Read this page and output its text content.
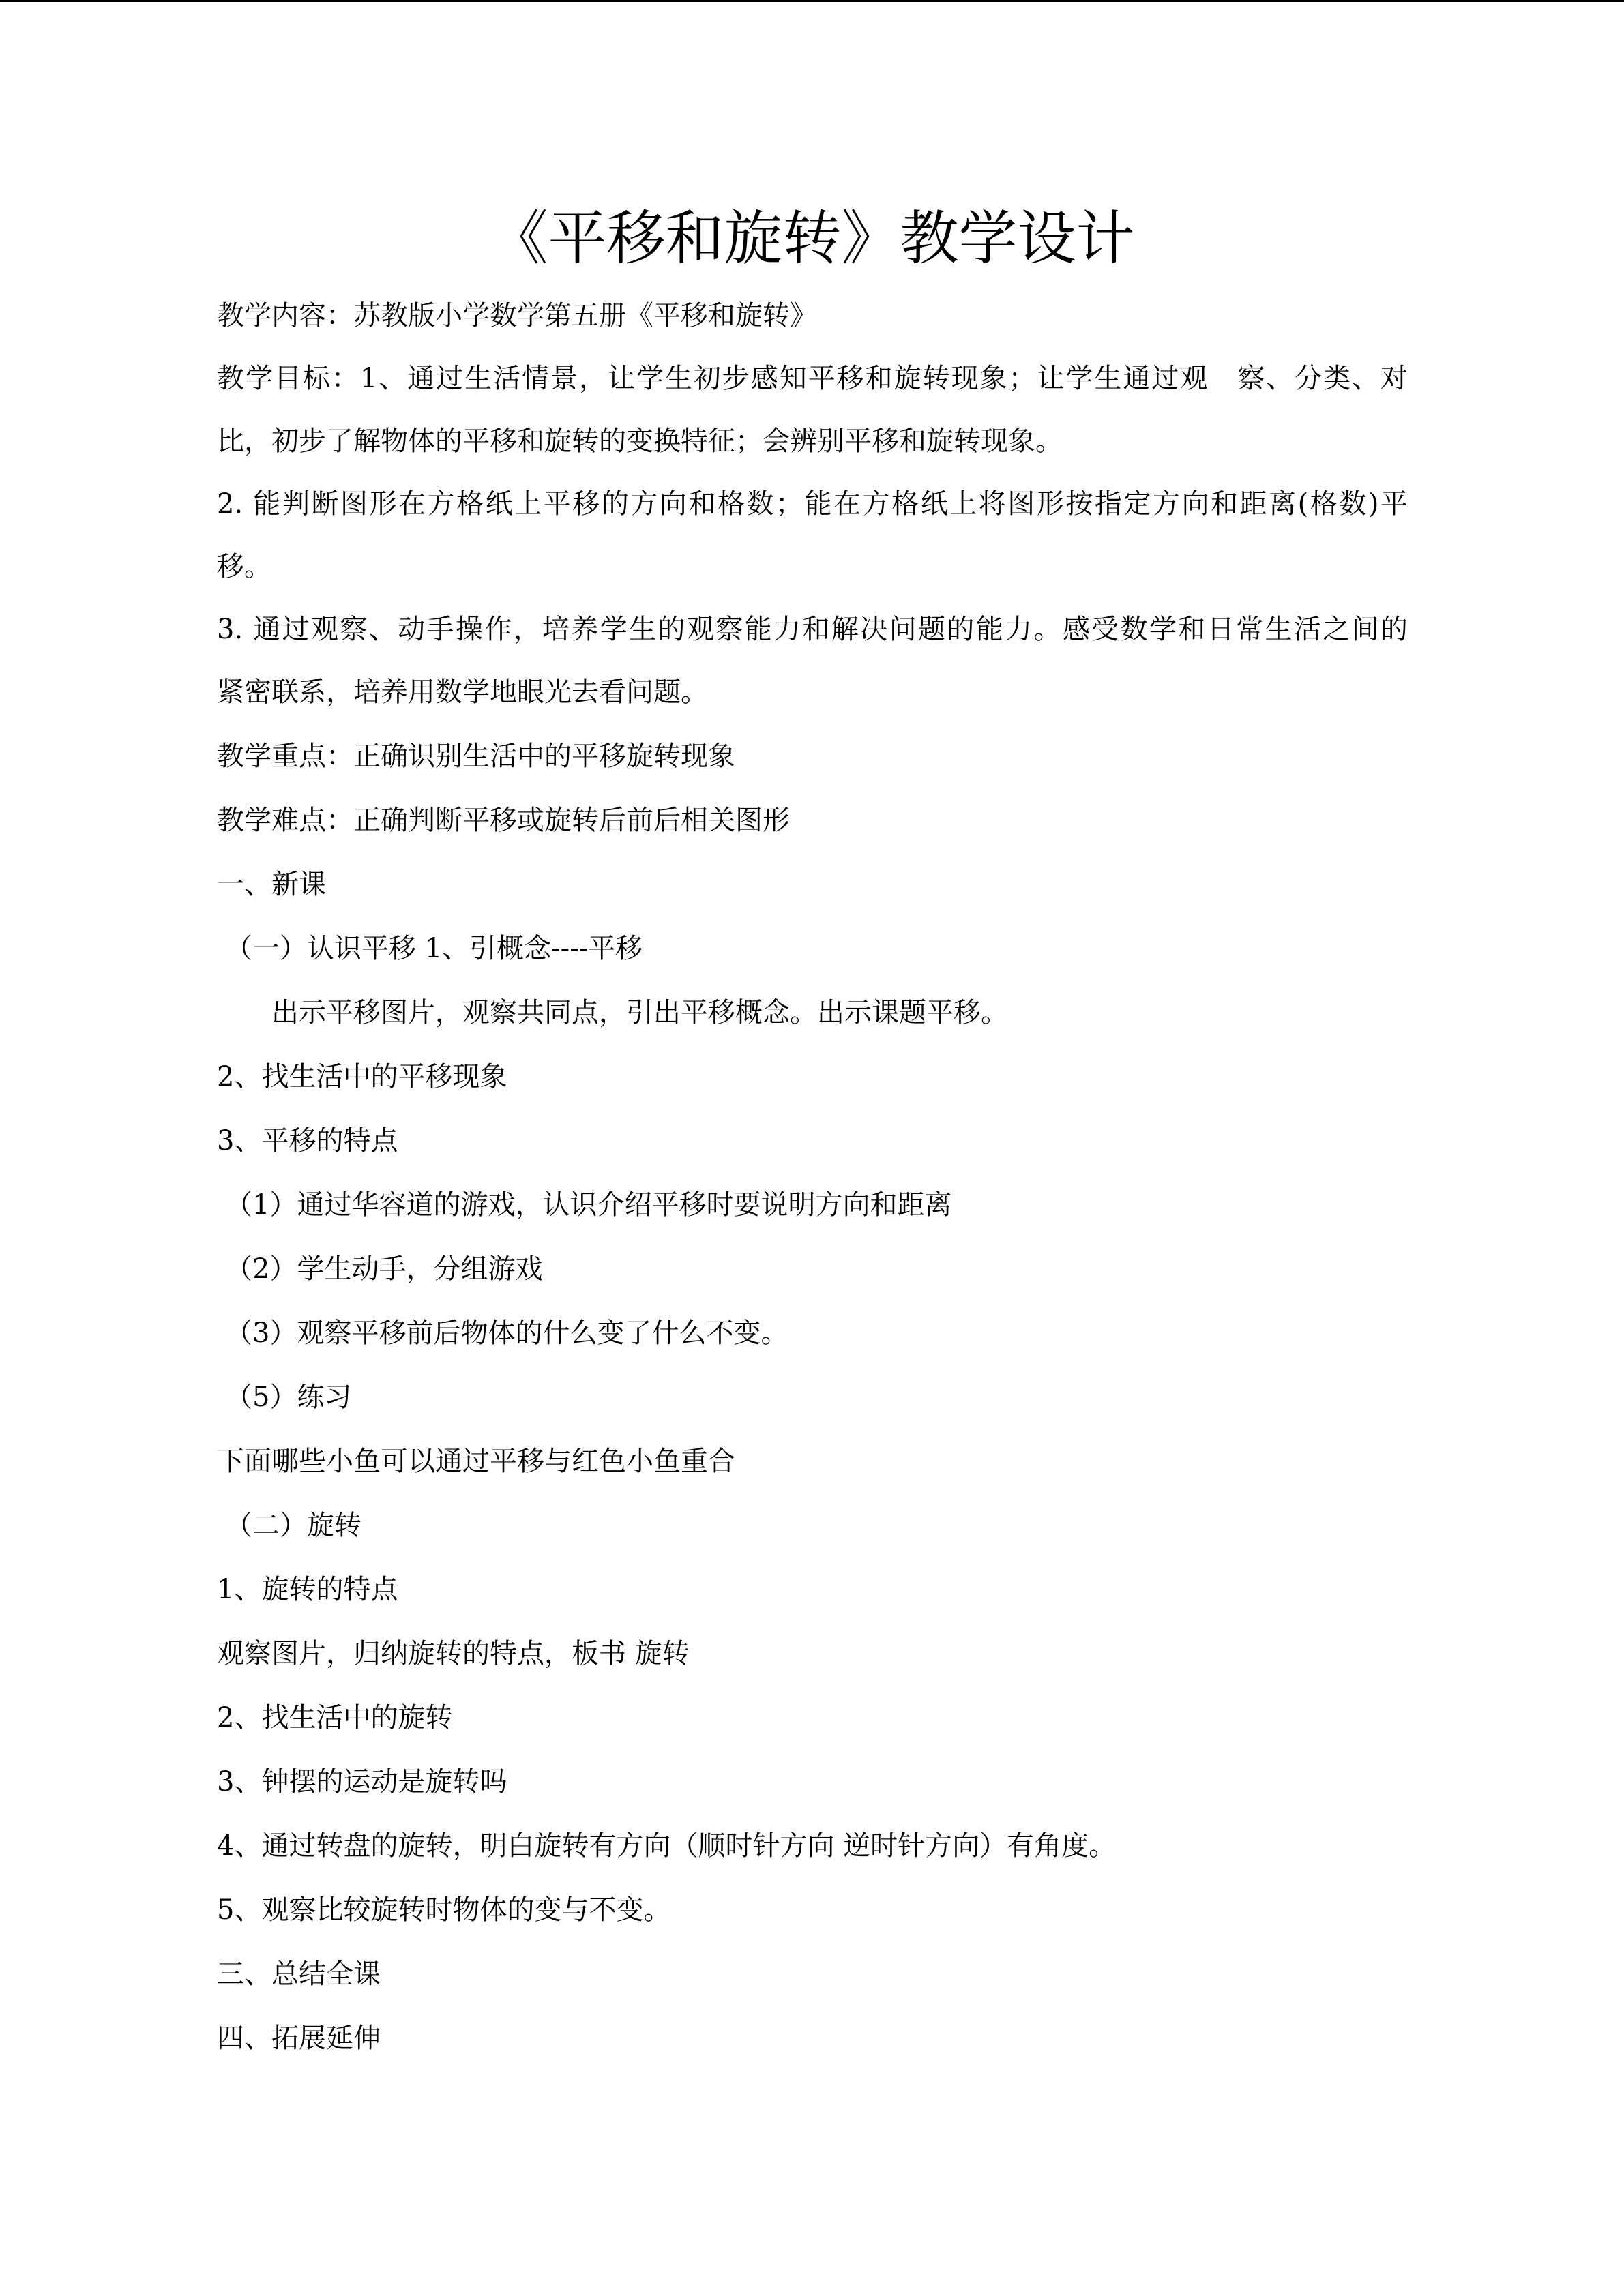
《平移和旋转》教学设计
教学内容：苏教版小学数学第五册《平移和旋转》
教学目标：1、通过生活情景，让学生初步感知平移和旋转现象；让学生通过观　察、分类、对
比，初步了解物体的平移和旋转的变换特征；会辨别平移和旋转现象。
2. 能判断图形在方格纸上平移的方向和格数；能在方格纸上将图形按指定方向和距离(格数)平
移。
3. 通过观察、动手操作，培养学生的观察能力和解决问题的能力。感受数学和日常生活之间的
紧密联系，培养用数学地眼光去看问题。
教学重点：正确识别生活中的平移旋转现象
教学难点：正确判断平移或旋转后前后相关图形
一、新课
（一）认识平移 1、引概念----平移
出示平移图片，观察共同点，引出平移概念。出示课题平移。
2、找生活中的平移现象
3、平移的特点
（1）通过华容道的游戏，认识介绍平移时要说明方向和距离
（2）学生动手，分组游戏
（3）观察平移前后物体的什么变了什么不变。
（5）练习
下面哪些小鱼可以通过平移与红色小鱼重合
（二）旋转
1、旋转的特点
观察图片，归纳旋转的特点，板书 旋转
2、找生活中的旋转
3、钟摆的运动是旋转吗
4、通过转盘的旋转，明白旋转有方向（顺时针方向 逆时针方向）有角度。
5、观察比较旋转时物体的变与不变。
三、总结全课
四、拓展延伸
